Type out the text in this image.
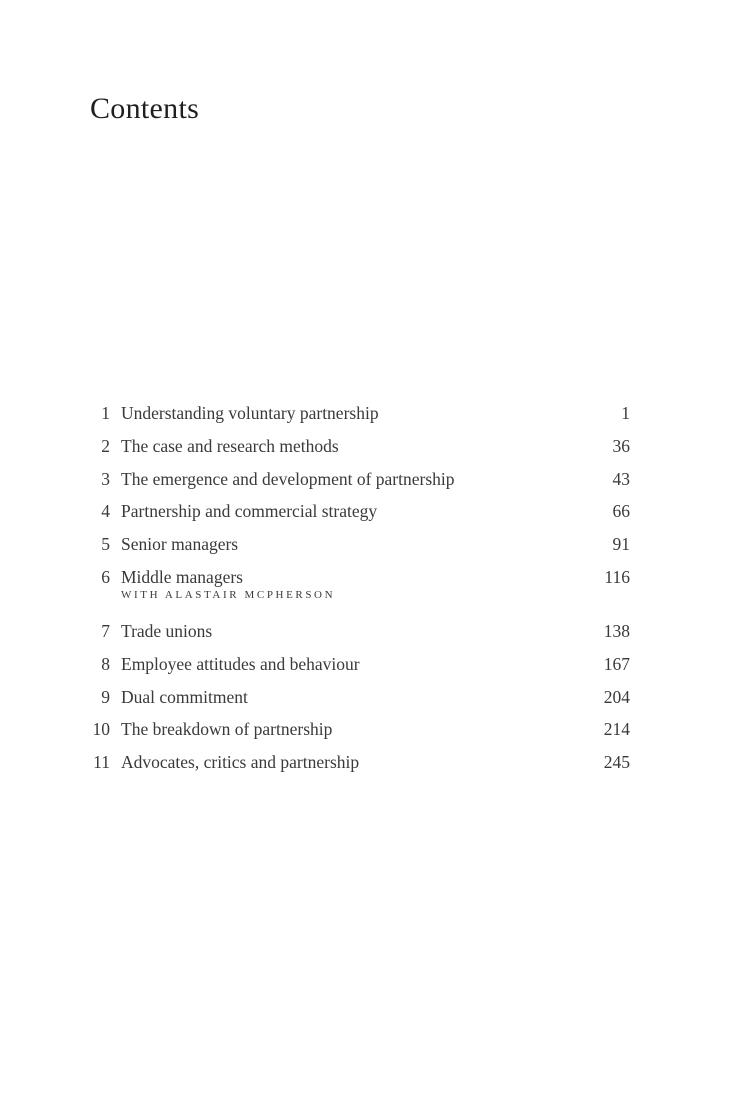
Contents
1 Understanding voluntary partnership	1
2 The case and research methods	36
3 The emergence and development of partnership	43
4 Partnership and commercial strategy	66
5 Senior managers	91
6 Middle managers	116
WITH ALASTAIR MCPHERSON
7 Trade unions	138
8 Employee attitudes and behaviour	167
9 Dual commitment	204
10 The breakdown of partnership	214
11 Advocates, critics and partnership	245
